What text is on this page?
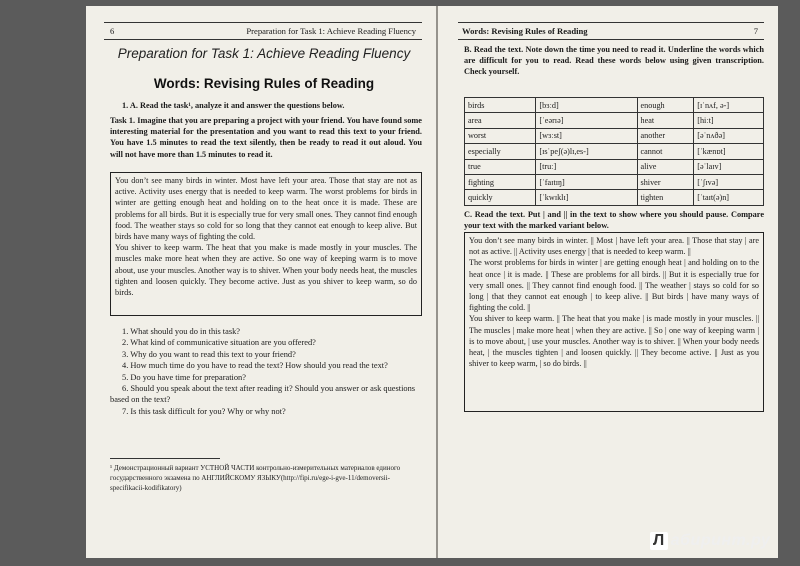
6	Preparation for Task 1: Achieve Reading Fluency
Preparation for Task 1: Achieve Reading Fluency
Words: Revising Rules of Reading
1. A. Read the task¹, analyze it and answer the questions below.
Task 1. Imagine that you are preparing a project with your friend. You have found some interesting material for the presentation and you want to read this text to your friend. You have 1.5 minutes to read the text silently, then be ready to read it out aloud. You will not have more than 1.5 minutes to read it.

You don’t see many birds in winter. Most have left your area. Those that stay are not as active. Activity uses energy that is needed to keep warm. The worst problems for birds in winter are getting enough heat and holding on to the heat once it is made. These are problems for all birds. But it is especially true for very small ones. They cannot find enough food. The weather stays so cold for so long that they cannot eat enough to keep alive. But birds have many ways of fighting the cold.

You shiver to keep warm. The heat that you make is made mostly in your muscles. The muscles make more heat when they are active. So one way of keeping warm is to move about, use your muscles. Another way is to shiver. When your body needs heat, the muscles tighten and loosen quickly. They become active. Just as you shiver to keep warm, so do birds.

1. What should you do in this task?

2. What kind of communicative situation are you offered?

3. Why do you want to read this text to your friend?

4. How much time do you have to read the text? How should you read the text?

5. Do you have time for preparation?

6. Should you speak about the text after reading it? Should you answer or ask questions based on the text?

7. Is this task difficult for you? Why or why not?

¹ Демонстрационный вариант УСТНОЙ ЧАСТИ контрольно-измерительных материалов единого государственного экзамена по АНГЛИЙСКОМУ ЯЗЫКУ(http://fipi.ru/ege-i-gve-11/demoversii-specifikacii-kodifikatory)
Words: Revising Rules of Reading	7
B. Read the text. Note down the time you need to read it. Underline the words which are difficult for you to read. Read these words below using given transcription. Check yourself.
birds	[bɜːd]	enough	[ɪˈnʌf, ə-]
area	[ˈeərɪə]	heat	[hiːt]
worst	[wɜːst]	another	[əˈnʌðə]
especially	[ɪsˈpeʃ(ə)lɪ,es-]	cannot	[ˈkænɒt]
true	[truː]	alive	[əˈlaɪv]
fighting	[ˈfaɪtɪŋ]	shiver	[ˈʃɪvə]
quickly	[ˈkwɪklɪ]	tighten	[ˈtaɪt(ə)n]
C. Read the text. Put | and || in the text to show where you should pause. Compare your text with the marked variant below.

You don’t see many birds in winter. || Most | have left your area. || Those that stay | are not as active. || Activity uses energy | that is needed to keep warm. ||

The worst problems for birds in winter | are getting enough heat | and holding on to the heat once | it is made. || These are problems for all birds. || But it is especially true for very small ones. || They cannot find enough food. || The weather | stays so cold for so long | that they cannot eat enough | to keep alive. || But birds | have many ways of fighting the cold. ||

You shiver to keep warm. || The heat that you make | is made mostly in your muscles. || The muscles | make more heat | when they are active. || So | one way of keeping warm | is to move about, | use your muscles. Another way is to shiver. || When your body needs heat, | the muscles tighten | and loosen quickly. || They become active. || Just as you shiver to keep warm, | so do birds. ||

Л абиринт.ру
